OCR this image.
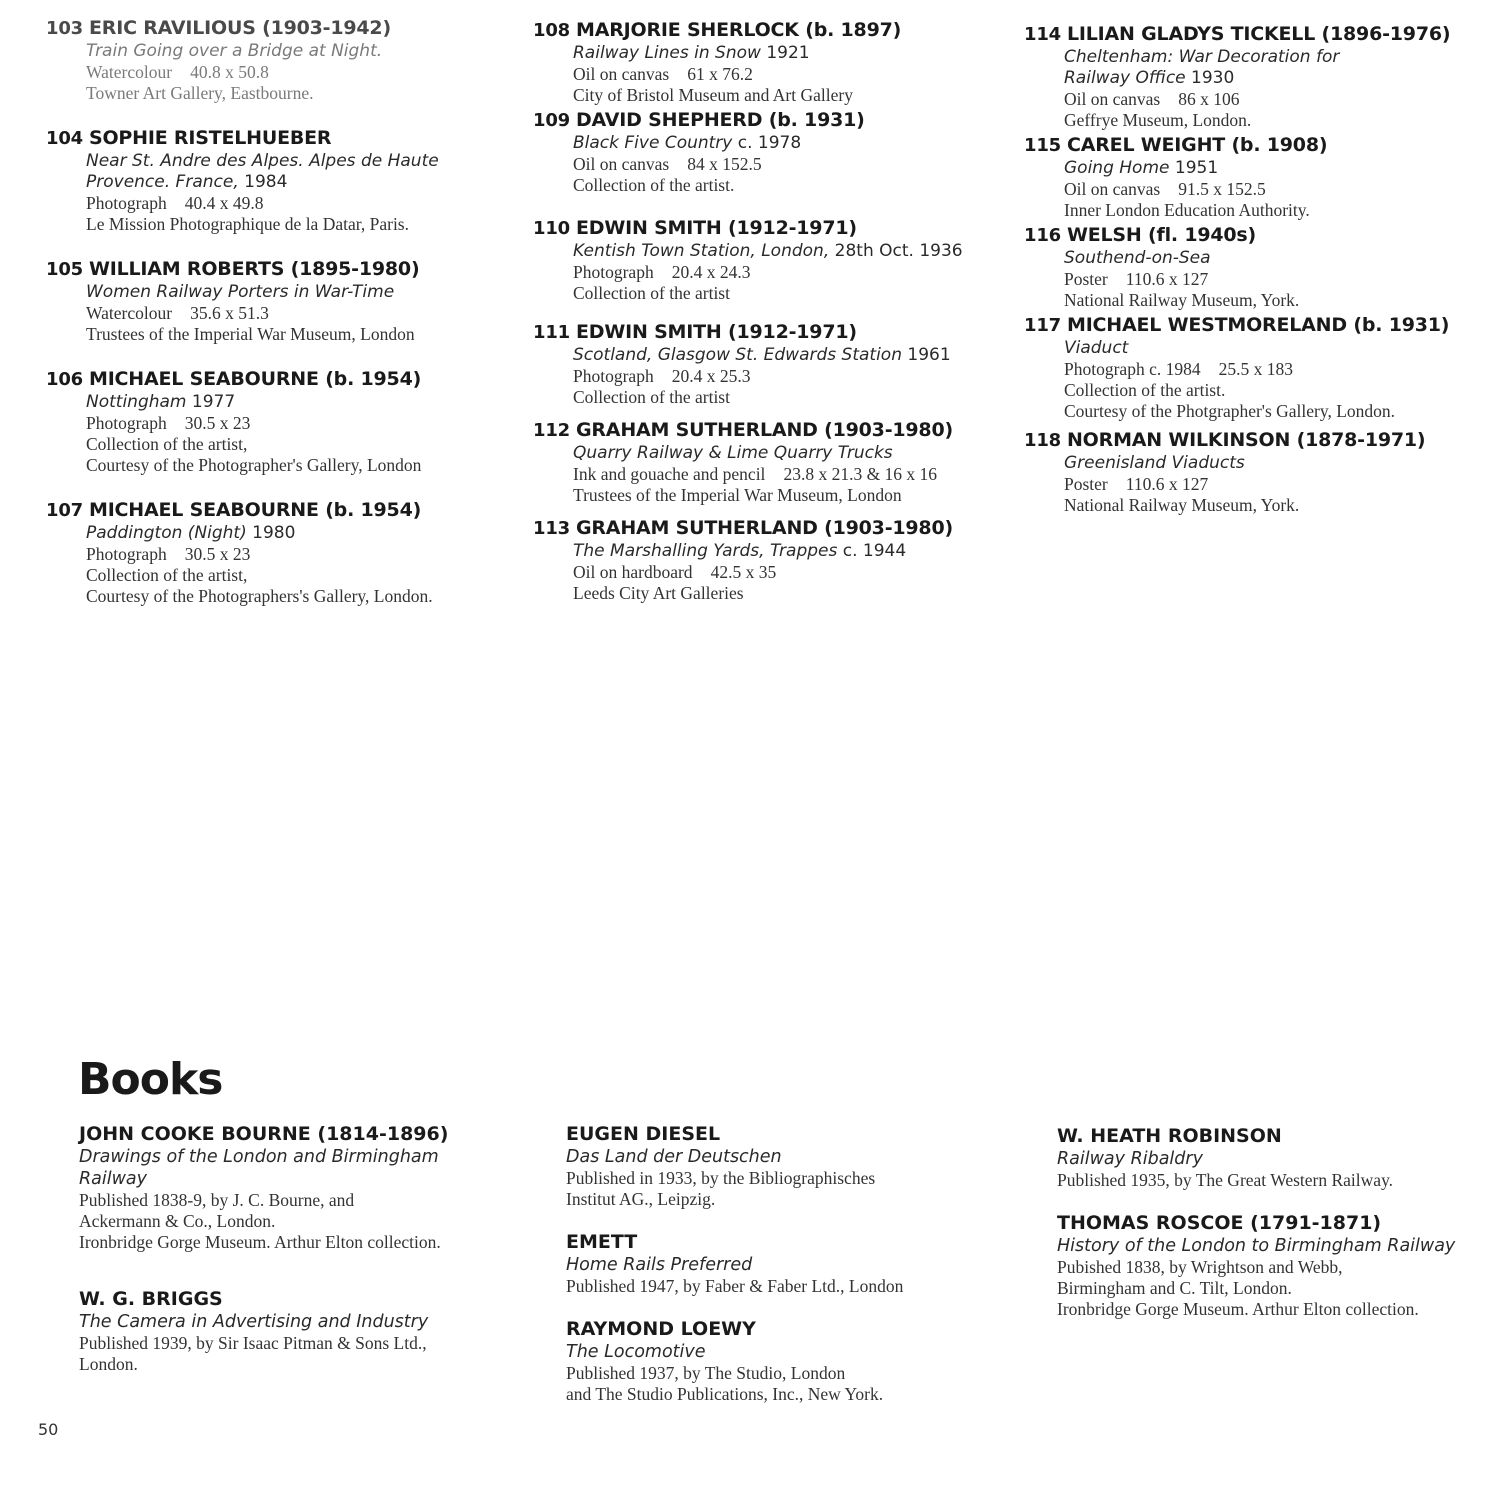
103 ERIC RAVILIOUS (1903-1942)
Train Going over a Bridge at Night.
Watercolour 40.8 x 50.8
Towner Art Gallery, Eastbourne.
104 SOPHIE RISTELHUEBER
Near St. Andre des Alpes. Alpes de Haute
Provence. France, 1984
Photograph 40.4 x 49.8
Le Mission Photographique de la Datar, Paris.
105 WILLIAM ROBERTS (1895-1980)
Women Railway Porters in War-Time
Watercolour 35.6 x 51.3
Trustees of the Imperial War Museum, London
106 MICHAEL SEABOURNE (b. 1954)
Nottingham 1977
Photograph 30.5 x 23
Collection of the artist,
Courtesy of the Photographer's Gallery, London
107 MICHAEL SEABOURNE (b. 1954)
Paddington (Night) 1980
Photograph 30.5 x 23
Collection of the artist,
Courtesy of the Photographers's Gallery, London.
108 MARJORIE SHERLOCK (b. 1897)
Railway Lines in Snow 1921
Oil on canvas 61 x 76.2
City of Bristol Museum and Art Gallery
109 DAVID SHEPHERD (b. 1931)
Black Five Country c. 1978
Oil on canvas 84 x 152.5
Collection of the artist.
110 EDWIN SMITH (1912-1971)
Kentish Town Station, London, 28th Oct. 1936
Photograph 20.4 x 24.3
Collection of the artist
111 EDWIN SMITH (1912-1971)
Scotland, Glasgow St. Edwards Station 1961
Photograph 20.4 x 25.3
Collection of the artist
112 GRAHAM SUTHERLAND (1903-1980)
Quarry Railway & Lime Quarry Trucks
Ink and gouache and pencil 23.8 x 21.3 & 16 x 16
Trustees of the Imperial War Museum, London
113 GRAHAM SUTHERLAND (1903-1980)
The Marshalling Yards, Trappes c. 1944
Oil on hardboard 42.5 x 35
Leeds City Art Galleries
114 LILIAN GLADYS TICKELL (1896-1976)
Cheltenham: War Decoration for
Railway Office 1930
Oil on canvas 86 x 106
Geffrye Museum, London.
115 CAREL WEIGHT (b. 1908)
Going Home 1951
Oil on canvas 91.5 x 152.5
Inner London Education Authority.
116 WELSH (fl. 1940s)
Southend-on-Sea
Poster 110.6 x 127
National Railway Museum, York.
117 MICHAEL WESTMORELAND (b. 1931)
Viaduct
Photograph c. 1984 25.5 x 183
Collection of the artist.
Courtesy of the Photgrapher's Gallery, London.
118 NORMAN WILKINSON (1878-1971)
Greenisland Viaducts
Poster 110.6 x 127
National Railway Museum, York.
Books
JOHN COOKE BOURNE (1814-1896)
Drawings of the London and Birmingham
Railway
Published 1838-9, by J. C. Bourne, and
Ackermann & Co., London.
Ironbridge Gorge Museum. Arthur Elton collection.
W. G. BRIGGS
The Camera in Advertising and Industry
Published 1939, by Sir Isaac Pitman & Sons Ltd.,
London.
EUGEN DIESEL
Das Land der Deutschen
Published in 1933, by the Bibliographisches
Institut AG., Leipzig.
EMETT
Home Rails Preferred
Published 1947, by Faber & Faber Ltd., London
RAYMOND LOEWY
The Locomotive
Published 1937, by The Studio, London
and The Studio Publications, Inc., New York.
W. HEATH ROBINSON
Railway Ribaldry
Published 1935, by The Great Western Railway.
THOMAS ROSCOE (1791-1871)
History of the London to Birmingham Railway
Pubished 1838, by Wrightson and Webb,
Birmingham and C. Tilt, London.
Ironbridge Gorge Museum. Arthur Elton collection.
50
